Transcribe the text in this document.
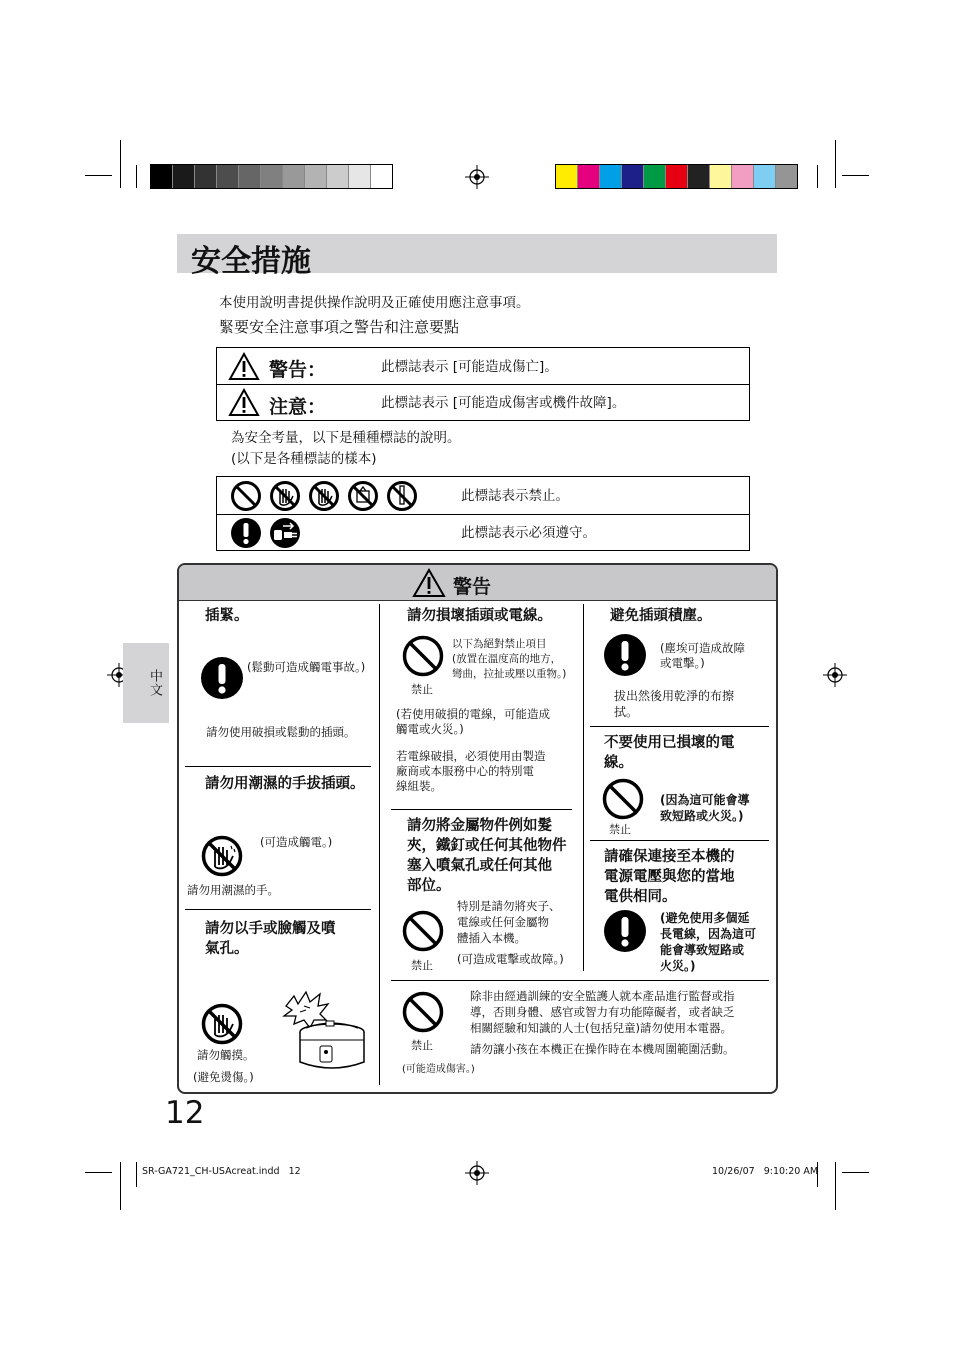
安全措施
本使用說明書提供操作說明及正確使用應注意事項。
緊要安全注意事項之警告和注意要點
警告：	此標誌表示 [可能造成傷亡]。
注意：	此標誌表示 [可能造成傷害或機件故障]。
為安全考量，以下是種種標誌的說明。
(以下是各種標誌的樣本)
此標誌表示禁止。
此標誌表示必須遵守。
中文
警告
插緊。
(鬆動可造成觸電事故。)
請勿使用破損或鬆動的插頭。
請勿用潮濕的手拔插頭。
(可造成觸電。)
請勿用潮濕的手。
請勿以手或臉觸及噴
氣孔。
請勿觸摸。
(避免燙傷。)
請勿損壞插頭或電線。
禁止
以下為絕對禁止項目
(放置在溫度高的地方，
彎曲，拉扯或壓以重物。)
(若使用破損的電線，可能造成
觸電或火災。)
若電線破損，必須使用由製造
廠商或本服務中心的特別電
線組裝。
請勿將金屬物件例如髮
夾，鐵釘或任何其他物件
塞入噴氣孔或任何其他
部位。
禁止
特別是請勿將夾子、
電線或任何金屬物
體插入本機。
(可造成電擊或故障。)
避免插頭積塵。
(塵埃可造成故障
或電擊。)
拔出然後用乾淨的布擦
拭。
不要使用已損壞的電
線。
禁止
(因為這可能會導
致短路或火災。)
請確保連接至本機的
電源電壓與您的當地
電供相同。
(避免使用多個延
長電線，因為這可
能會導致短路或
火災。)
禁止
除非由經過訓練的安全監護人就本產品進行監督或指
導，否則身體、感官或智力有功能障礙者，或者缺乏
相關經驗和知識的人士(包括兒童)請勿使用本電器。
請勿讓小孩在本機正在操作時在本機周圍範圍活動。
(可能造成傷害。)
12
SR-GA721_CH-USAcreat.indd   12	10/26/07   9:10:20 AM
